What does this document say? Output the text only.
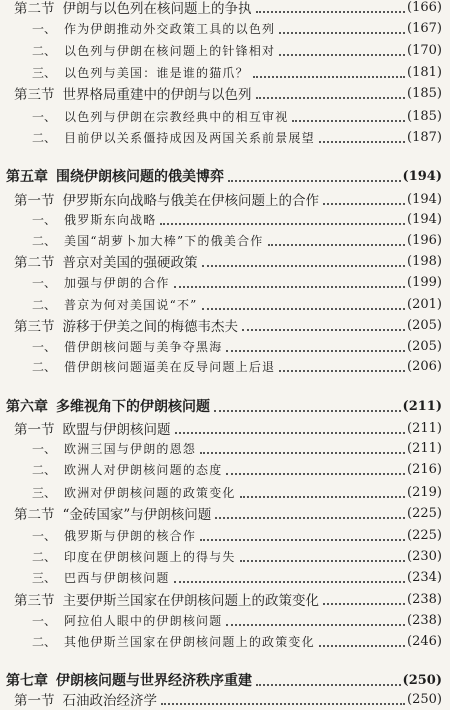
第二节 伊朗与以色列在核问题上的争执	(166)
一、 作为伊朗推动外交政策工具的以色列	(167)
二、 以色列与伊朗在核问题上的针锋相对	(170)
三、 以色列与美国：谁是谁的猫爪？	(181)
第三节 世界格局重建中的伊朗与以色列	(185)
一、 以色列与伊朗在宗教经典中的相互审视	(185)
二、 目前伊以关系僵持成因及两国关系前景展望	(187)
第五章 围绕伊朗核问题的俄美博弈	(194)
第一节 伊罗斯东向战略与俄美在伊核问题上的合作	(194)
一、 俄罗斯东向战略	(194)
二、 美国“胡萝卜加大棒”下的俄美合作	(196)
第二节 普京对美国的强硬政策	(198)
一、 加强与伊朗的合作	(199)
二、 普京为何对美国说“不”	(201)
第三节 游移于伊美之间的梅德韦杰夫	(205)
一、 借伊朗核问题与美争夺黑海	(205)
二、 借伊朗核问题逼美在反导问题上后退	(206)
第六章 多维视角下的伊朗核问题	(211)
第一节 欧盟与伊朗核问题	(211)
一、 欧洲三国与伊朗的恩怨	(211)
二、 欧洲人对伊朗核问题的态度	(216)
三、 欧洲对伊朗核问题的政策变化	(219)
第二节 “金砖国家”与伊朗核问题	(225)
一、 俄罗斯与伊朗的核合作	(225)
二、 印度在伊朗核问题上的得与失	(230)
三、 巴西与伊朗核问题	(234)
第三节 主要伊斯兰国家在伊朗核问题上的政策变化	(238)
一、 阿拉伯人眼中的伊朗核问题	(238)
二、 其他伊斯兰国家在伊朗核问题上的政策变化	(246)
第七章 伊朗核问题与世界经济秩序重建	(250)
第一节 石油政治经济学	(250)
